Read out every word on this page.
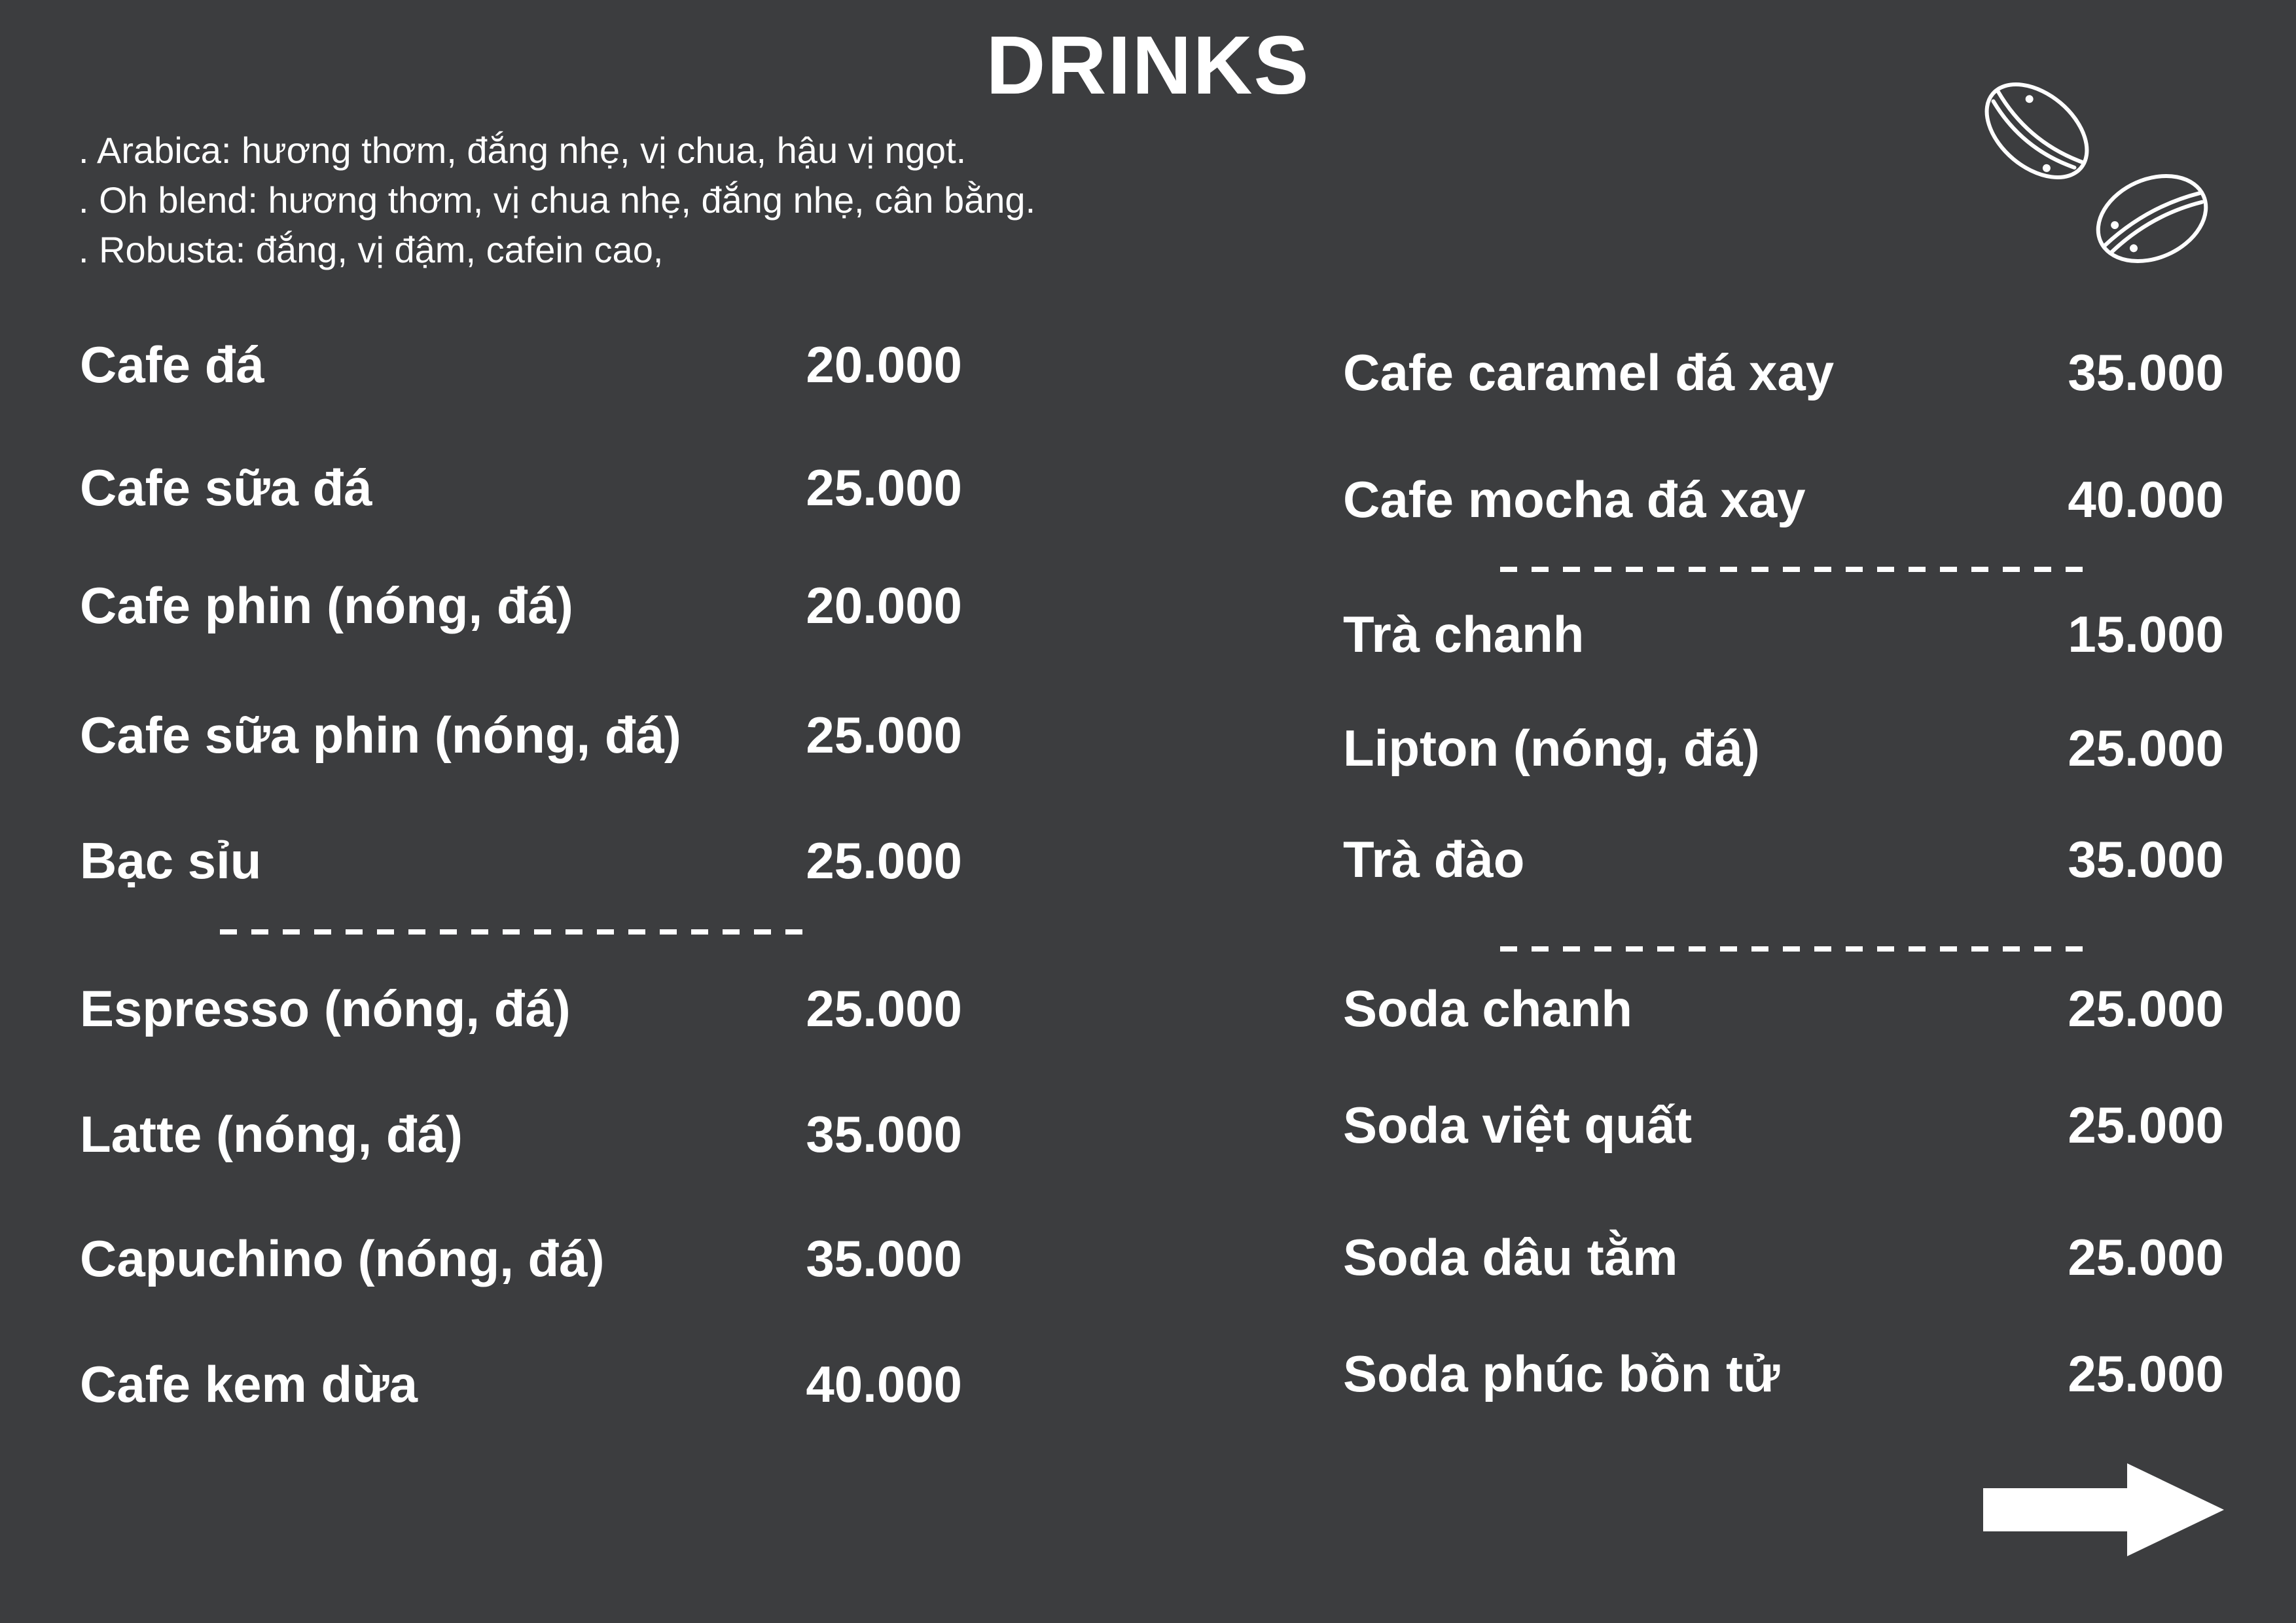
DRINKS
. Arabica: hương thơm, đắng nhẹ, vị chua, hậu vị ngọt.
. Oh blend: hương thơm, vị chua nhẹ, đắng nhẹ, cân bằng.
. Robusta: đắng, vị đậm, cafein cao,
Cafe đá	20.000
Cafe sữa đá	25.000
Cafe phin (nóng, đá)	20.000
Cafe sữa phin (nóng, đá) 25.000
Bạc sỉu	25.000
Espresso (nóng, đá)	25.000
Latte (nóng, đá)	35.000
Capuchino (nóng, đá)	35.000
Cafe kem dừa	40.000
Cafe caramel đá xay	35.000
Cafe mocha đá xay	40.000
Trà chanh	15.000
Lipton (nóng, đá)	25.000
Trà đào	35.000
Soda chanh	25.000
Soda việt quất	25.000
Soda dâu tằm	25.000
Soda phúc bồn tử	25.000
